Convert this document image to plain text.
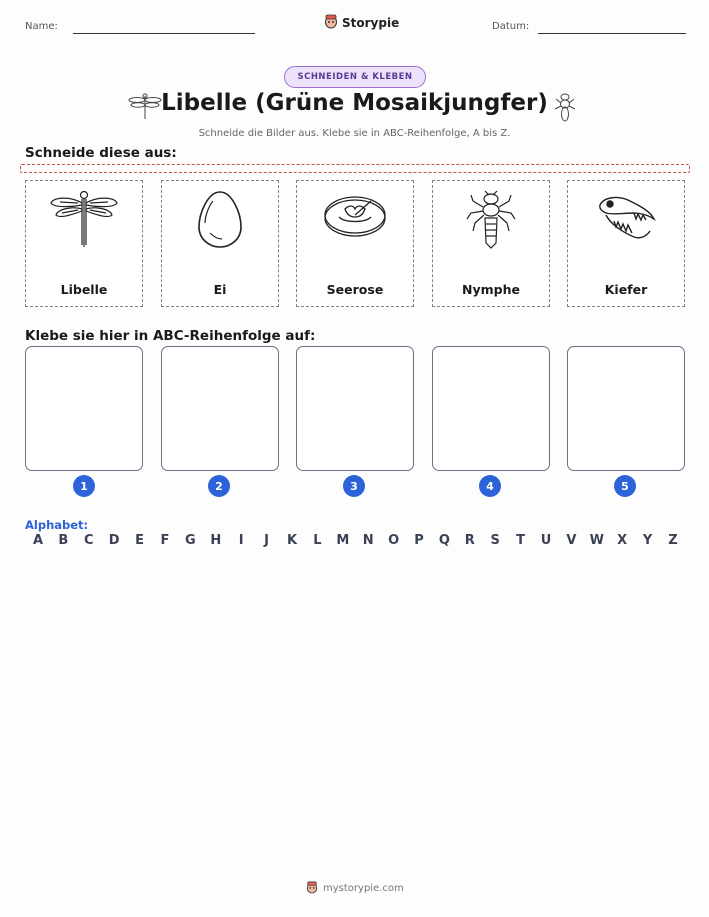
Name:	Storypie	Datum:
SCHNEIDEN & KLEBEN
Libelle (Grüne Mosaikjungfer)
Schneide die Bilder aus. Klebe sie in ABC-Reihenfolge, A bis Z.
Schneide diese aus:
Libelle	Ei	Seerose	Nymphe	Kiefer
Klebe sie hier in ABC-Reihenfolge auf:
1	2	3	4	5
Alphabet:
A	B	C	D	E	F	G	H	I	J	K	L	M	N	O	P	Q	R	S	T	U	V	W	X	Y	Z
mystorypie.com
